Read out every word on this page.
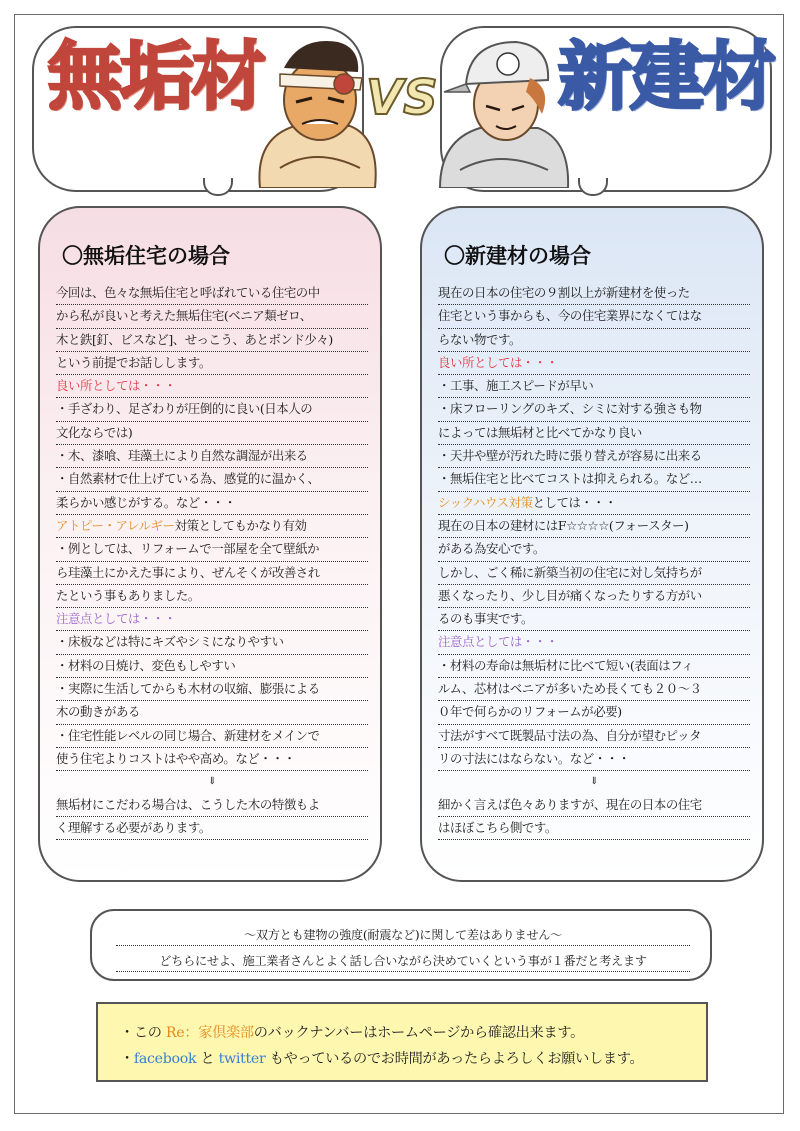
無垢材	新建材
VS
〇無垢住宅の場合
今回は、色々な無垢住宅と呼ばれている住宅の中
から私が良いと考えた無垢住宅(ベニア類ゼロ、
木と鉄[釘、ビスなど]、せっこう、あとボンド少々)
という前提でお話しします。
良い所としては・・・
・手ざわり、足ざわりが圧倒的に良い(日本人の
文化ならでは)
・木、漆喰、珪藻土により自然な調湿が出来る
・自然素材で仕上げている為、感覚的に温かく、
柔らかい感じがする。など・・・
アトピー・アレルギー対策としてもかなり有効
・例としては、リフォームで一部屋を全て壁紙か
ら珪藻土にかえた事により、ぜんそくが改善され
たという事もありました。
注意点としては・・・
・床板などは特にキズやシミになりやすい
・材料の日焼け、変色もしやすい
・実際に生活してからも木材の収縮、膨張による
木の動きがある
・住宅性能レベルの同じ場合、新建材をメインで
使う住宅よりコストはやや高め。など・・・
⇓
無垢材にこだわる場合は、こうした木の特徴もよ
く理解する必要があります。
〇新建材の場合
現在の日本の住宅の９割以上が新建材を使った
住宅という事からも、今の住宅業界になくてはな
らない物です。
良い所としては・・・
・工事、施工スピードが早い
・床フローリングのキズ、シミに対する強さも物
によっては無垢材と比べてかなり良い
・天井や壁が汚れた時に張り替えが容易に出来る
・無垢住宅と比べてコストは抑えられる。など…
シックハウス対策としては・・・
現在の日本の建材にはF☆☆☆☆(フォースター)
がある為安心です。
しかし、ごく稀に新築当初の住宅に対し気持ちが
悪くなったり、少し目が痛くなったりする方がい
るのも事実です。
注意点としては・・・
・材料の寿命は無垢材に比べて短い(表面はフィ
ルム、芯材はベニアが多いため長くても２０～３
０年で何らかのリフォームが必要)
寸法がすべて既製品寸法の為、自分が望むピッタ
リの寸法にはならない。など・・・
⇓
細かく言えば色々ありますが、現在の日本の住宅
はほぼこちら側です。
～双方とも建物の強度(耐震など)に関して差はありません～
どちらにせよ、施工業者さんとよく話し合いながら決めていくという事が１番だと考えます
・この Re：家倶楽部のバックナンバーはホームページから確認出来ます。
・facebook と twitter もやっているのでお時間があったらよろしくお願いします。
